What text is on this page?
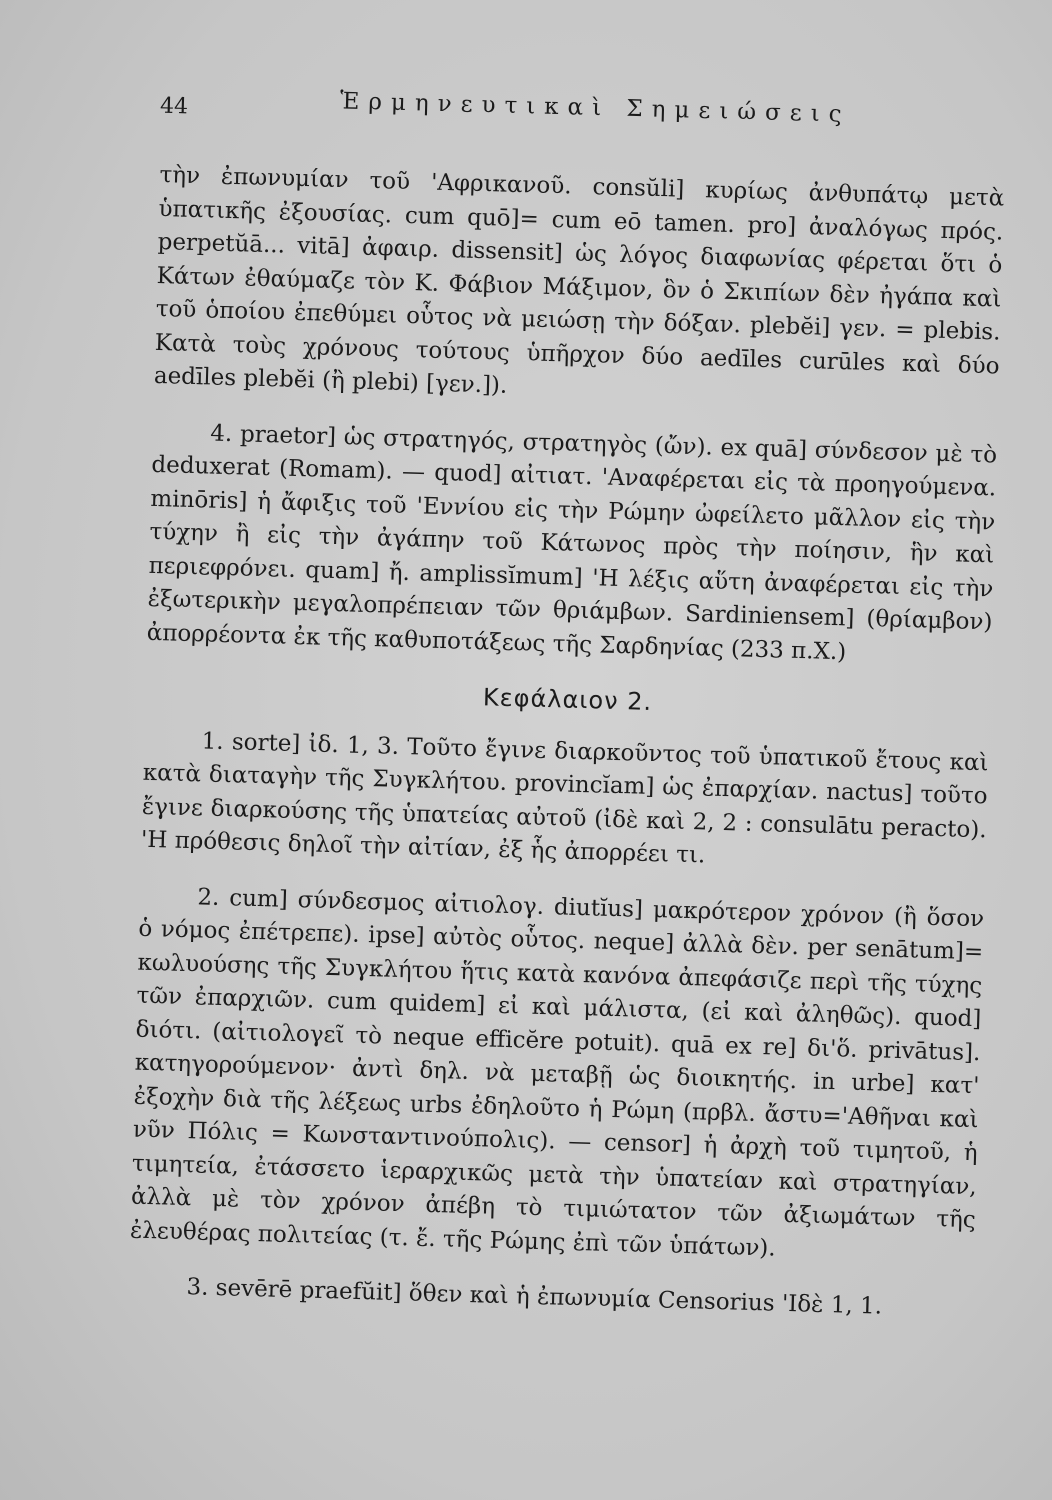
44	Ἑρμηνευτικαὶ Σημειώσεις

τὴν ἐπωνυμίαν τοῦ 'Αφρικανοῦ. consŭli] κυρίως ἀνθυπάτῳ μετὰ ὑπατικῆς ἐξουσίας. cum quō]= cum eō tamen. pro] ἀναλόγως πρός. perpetŭā... vitā] ἀφαιρ. dissensit] ὡς λόγος διαφωνίας φέρεται ὅτι ὁ Κάτων ἐθαύμαζε τὸν Κ. Φάβιον Μάξιμον, ὃν ὁ Σκιπίων δὲν ἠγάπα καὶ τοῦ ὁποίου ἐπεθύμει οὗτος νὰ μειώσῃ τὴν δόξαν. plebĕi] γεν. = plebis. Κατὰ τοὺς χρόνους τούτους ὑπῆρχον δύο aedīles curūles καὶ δύο aedīles plebĕi (ἢ plebi) [γεν.]).

4. praetor] ὡς στρατηγός, στρατηγὸς (ὤν). ex quā] σύνδεσον μὲ τὸ deduxerat (Romam). — quod] αἰτιατ. 'Αναφέρεται εἰς τὰ προηγούμενα. minōris] ἡ ἄφιξις τοῦ 'Εννίου εἰς τὴν Ρώμην ὠφείλετο μᾶλλον εἰς τὴν τύχην ἢ εἰς τὴν ἀγάπην τοῦ Κάτωνος πρὸς τὴν ποίησιν, ἣν καὶ περιεφρόνει. quam] ἤ. amplissĭmum] 'Η λέξις αὕτη ἀναφέρεται εἰς τὴν ἐξωτερικὴν μεγαλοπρέπειαν τῶν θριάμβων. Sardiniensem] (θρίαμβον) ἀπορρέοντα ἐκ τῆς καθυποτάξεως τῆς Σαρδηνίας (233 π.Χ.)

Κεφάλαιον 2.

1. sorte] ἰδ. 1, 3. Τοῦτο ἔγινε διαρκοῦντος τοῦ ὑπατικοῦ ἔτους καὶ κατὰ διαταγὴν τῆς Συγκλήτου. provincĭam] ὡς ἐπαρχίαν. nactus] τοῦτο ἔγινε διαρκούσης τῆς ὑπατείας αὐτοῦ (ἰδὲ καὶ 2, 2 : consulātu peracto). 'Η πρόθεσις δηλοῖ τὴν αἰτίαν, ἐξ ἧς ἀπορρέει τι.

2. cum] σύνδεσμος αἰτιολογ. diutĭus] μακρότερον χρόνον (ἢ ὅσον ὁ νόμος ἐπέτρεπε). ipse] αὐτὸς οὗτος. neque] ἀλλὰ δὲν. per senātum]= κωλυούσης τῆς Συγκλήτου ἥτις κατὰ κανόνα ἀπεφάσιζε περὶ τῆς τύχης τῶν ἐπαρχιῶν. cum quidem] εἰ καὶ μάλιστα, (εἰ καὶ ἀληθῶς). quod] διότι. (αἰτιολογεῖ τὸ neque efficĕre potuit). quā ex re] δι'ὅ. privātus]. κατηγορούμενον· ἀντὶ δηλ. νὰ μεταβῇ ὡς διοικητής. in urbe] κατ' ἐξοχὴν διὰ τῆς λέξεως urbs ἐδηλοῦτο ἡ Ρώμη (πρβλ. ἄστυ='Αθῆναι καὶ νῦν Πόλις = Κωνσταντινούπολις). — censor] ἡ ἀρχὴ τοῦ τιμητοῦ, ἡ τιμητεία, ἐτάσσετο ἱεραρχικῶς μετὰ τὴν ὑπατείαν καὶ στρατηγίαν, ἀλλὰ μὲ τὸν χρόνον ἀπέβη τὸ τιμιώτατον τῶν ἀξιωμάτων τῆς ἐλευθέρας πολιτείας (τ. ἔ. τῆς Ρώμης ἐπὶ τῶν ὑπάτων).

3. sevērē praefŭit] ὅθεν καὶ ἡ ἐπωνυμία Censorius 'Ιδὲ 1, 1.
